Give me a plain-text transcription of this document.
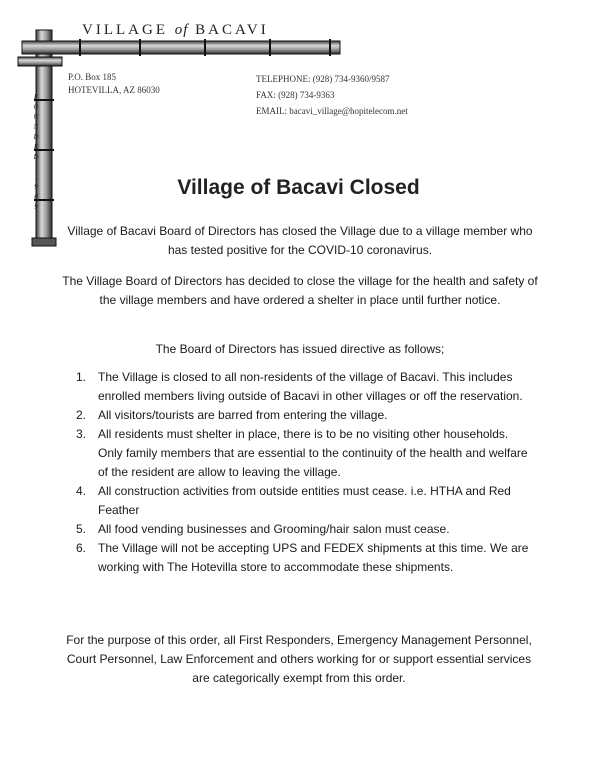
VILLAGE of BACAVI
P.O. Box 185
HOTEVILLA, AZ 86030
TELEPHONE: (928) 734-9360/9587
FAX: (928) 734-9363
EMAIL: bacavi_village@hopitelecom.net
F
O
U
N
D
E
D

1
9
0
9
Village of Bacavi Closed
Village of Bacavi Board of Directors has closed the Village due to a village member who has tested positive for the COVID-10 coronavirus.
The Village Board of Directors has decided to close the village for the health and safety of the village members and have ordered a shelter in place until further notice.
The Board of Directors has issued directive as follows;
1. The Village is closed to all non-residents of the village of Bacavi. This includes enrolled members living outside of Bacavi in other villages or off the reservation.
2. All visitors/tourists are barred from entering the village.
3. All residents must shelter in place, there is to be no visiting other households. Only family members that are essential to the continuity of the health and welfare of the resident are allow to leaving the village.
4. All construction activities from outside entities must cease. i.e. HTHA and Red Feather
5. All food vending businesses and Grooming/hair salon must cease.
6. The Village will not be accepting UPS and FEDEX shipments at this time. We are working with The Hotevilla store to accommodate these shipments.
For the purpose of this order, all First Responders, Emergency Management Personnel, Court Personnel, Law Enforcement and others working for or support essential services are categorically exempt from this order.
